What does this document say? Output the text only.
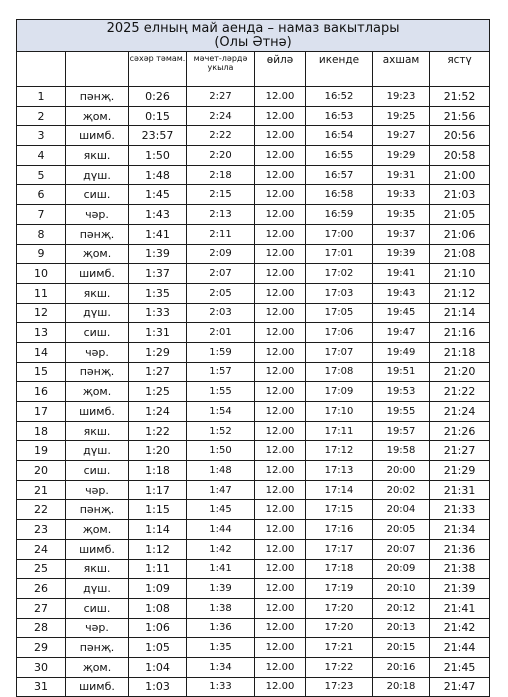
2025 елның май аенда – намаз вакытлары
(Олы Әтнә)							

		сәхәр тәмам.	мәчет-ләрдә укыла	өйлә	икенде	ахшам	ястү
1	пәнҗ.	0:26	2:27	12.00	16:52	19:23	21:52
2	җом.	0:15	2:24	12.00	16:53	19:25	21:56
3	шимб.	23:57	2:22	12.00	16:54	19:27	20:56
4	якш.	1:50	2:20	12.00	16:55	19:29	20:58
5	дүш.	1:48	2:18	12.00	16:57	19:31	21:00
6	сиш.	1:45	2:15	12.00	16:58	19:33	21:03
7	чәр.	1:43	2:13	12.00	16:59	19:35	21:05
8	пәнҗ.	1:41	2:11	12.00	17:00	19:37	21:06
9	җом.	1:39	2:09	12.00	17:01	19:39	21:08
10	шимб.	1:37	2:07	12.00	17:02	19:41	21:10
11	якш.	1:35	2:05	12.00	17:03	19:43	21:12
12	дүш.	1:33	2:03	12.00	17:05	19:45	21:14
13	сиш.	1:31	2:01	12.00	17:06	19:47	21:16
14	чәр.	1:29	1:59	12.00	17:07	19:49	21:18
15	пәнҗ.	1:27	1:57	12.00	17:08	19:51	21:20
16	җом.	1:25	1:55	12.00	17:09	19:53	21:22
17	шимб.	1:24	1:54	12.00	17:10	19:55	21:24
18	якш.	1:22	1:52	12.00	17:11	19:57	21:26
19	дүш.	1:20	1:50	12.00	17:12	19:58	21:27
20	сиш.	1:18	1:48	12.00	17:13	20:00	21:29
21	чәр.	1:17	1:47	12.00	17:14	20:02	21:31
22	пәнҗ.	1:15	1:45	12.00	17:15	20:04	21:33
23	җом.	1:14	1:44	12.00	17:16	20:05	21:34
24	шимб.	1:12	1:42	12.00	17:17	20:07	21:36
25	якш.	1:11	1:41	12.00	17:18	20:09	21:38
26	дүш.	1:09	1:39	12.00	17:19	20:10	21:39
27	сиш.	1:08	1:38	12.00	17:20	20:12	21:41
28	чәр.	1:06	1:36	12.00	17:20	20:13	21:42
29	пәнҗ.	1:05	1:35	12.00	17:21	20:15	21:44
30	җом.	1:04	1:34	12.00	17:22	20:16	21:45
31	шимб.	1:03	1:33	12.00	17:23	20:18	21:47
